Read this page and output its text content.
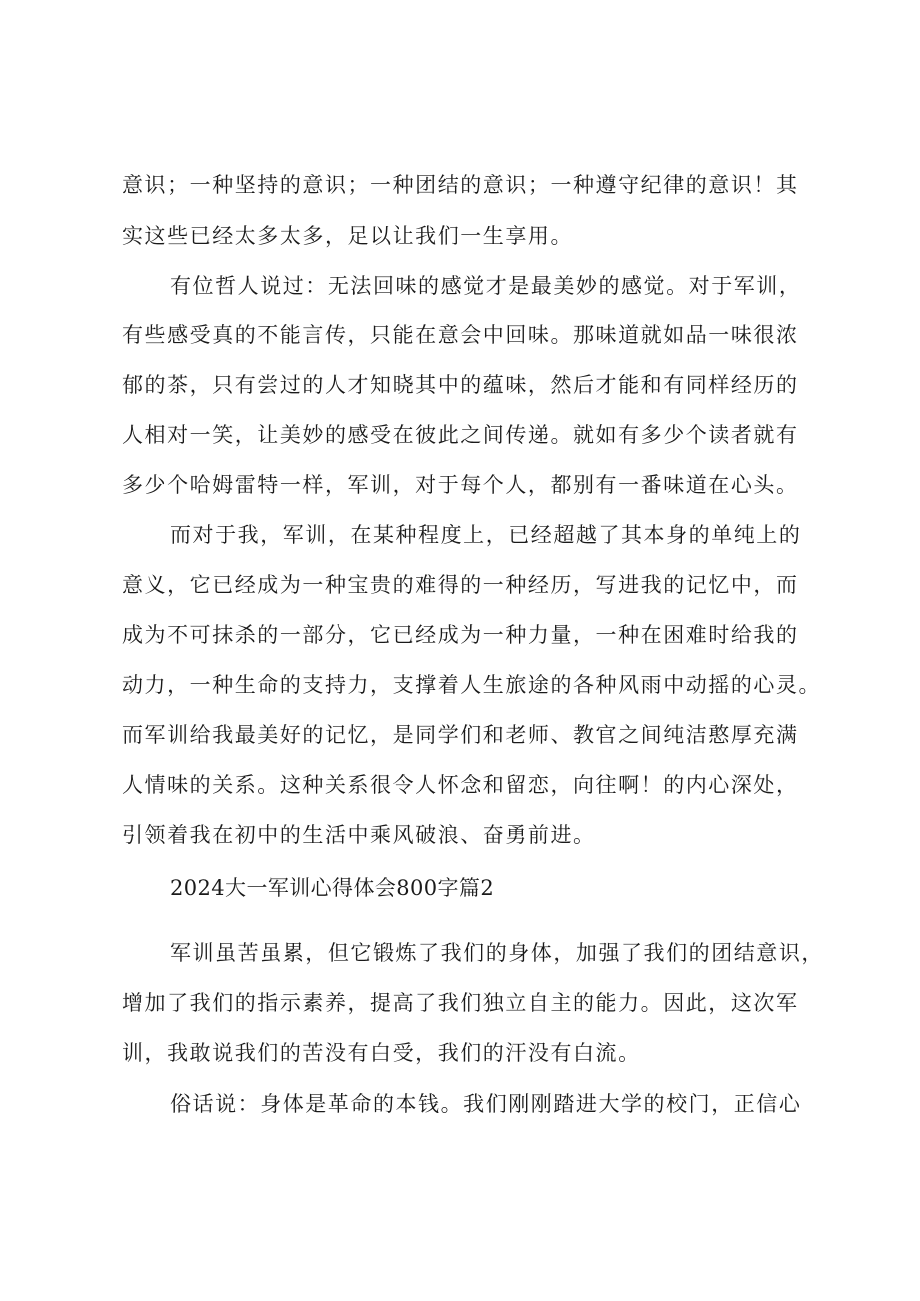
意识；一种坚持的意识；一种团结的意识；一种遵守纪律的意识！其
实这些已经太多太多，足以让我们一生享用。
有位哲人说过：无法回味的感觉才是最美妙的感觉。对于军训，
有些感受真的不能言传，只能在意会中回味。那味道就如品一味很浓
郁的茶，只有尝过的人才知晓其中的蕴味，然后才能和有同样经历的
人相对一笑，让美妙的感受在彼此之间传递。就如有多少个读者就有
多少个哈姆雷特一样，军训，对于每个人，都别有一番味道在心头。
而对于我，军训，在某种程度上，已经超越了其本身的单纯上的
意义，它已经成为一种宝贵的难得的一种经历，写进我的记忆中，而
成为不可抹杀的一部分，它已经成为一种力量，一种在困难时给我的
动力，一种生命的支持力，支撑着人生旅途的各种风雨中动摇的心灵。
而军训给我最美好的记忆，是同学们和老师、教官之间纯洁憨厚充满
人情味的关系。这种关系很令人怀念和留恋，向往啊！的内心深处，
引领着我在初中的生活中乘风破浪、奋勇前进。
2024大一军训心得体会800字篇2
军训虽苦虽累，但它锻炼了我们的身体，加强了我们的团结意识，
增加了我们的指示素养，提高了我们独立自主的能力。因此，这次军
训，我敢说我们的苦没有白受，我们的汗没有白流。
俗话说：身体是革命的本钱。我们刚刚踏进大学的校门，正信心
